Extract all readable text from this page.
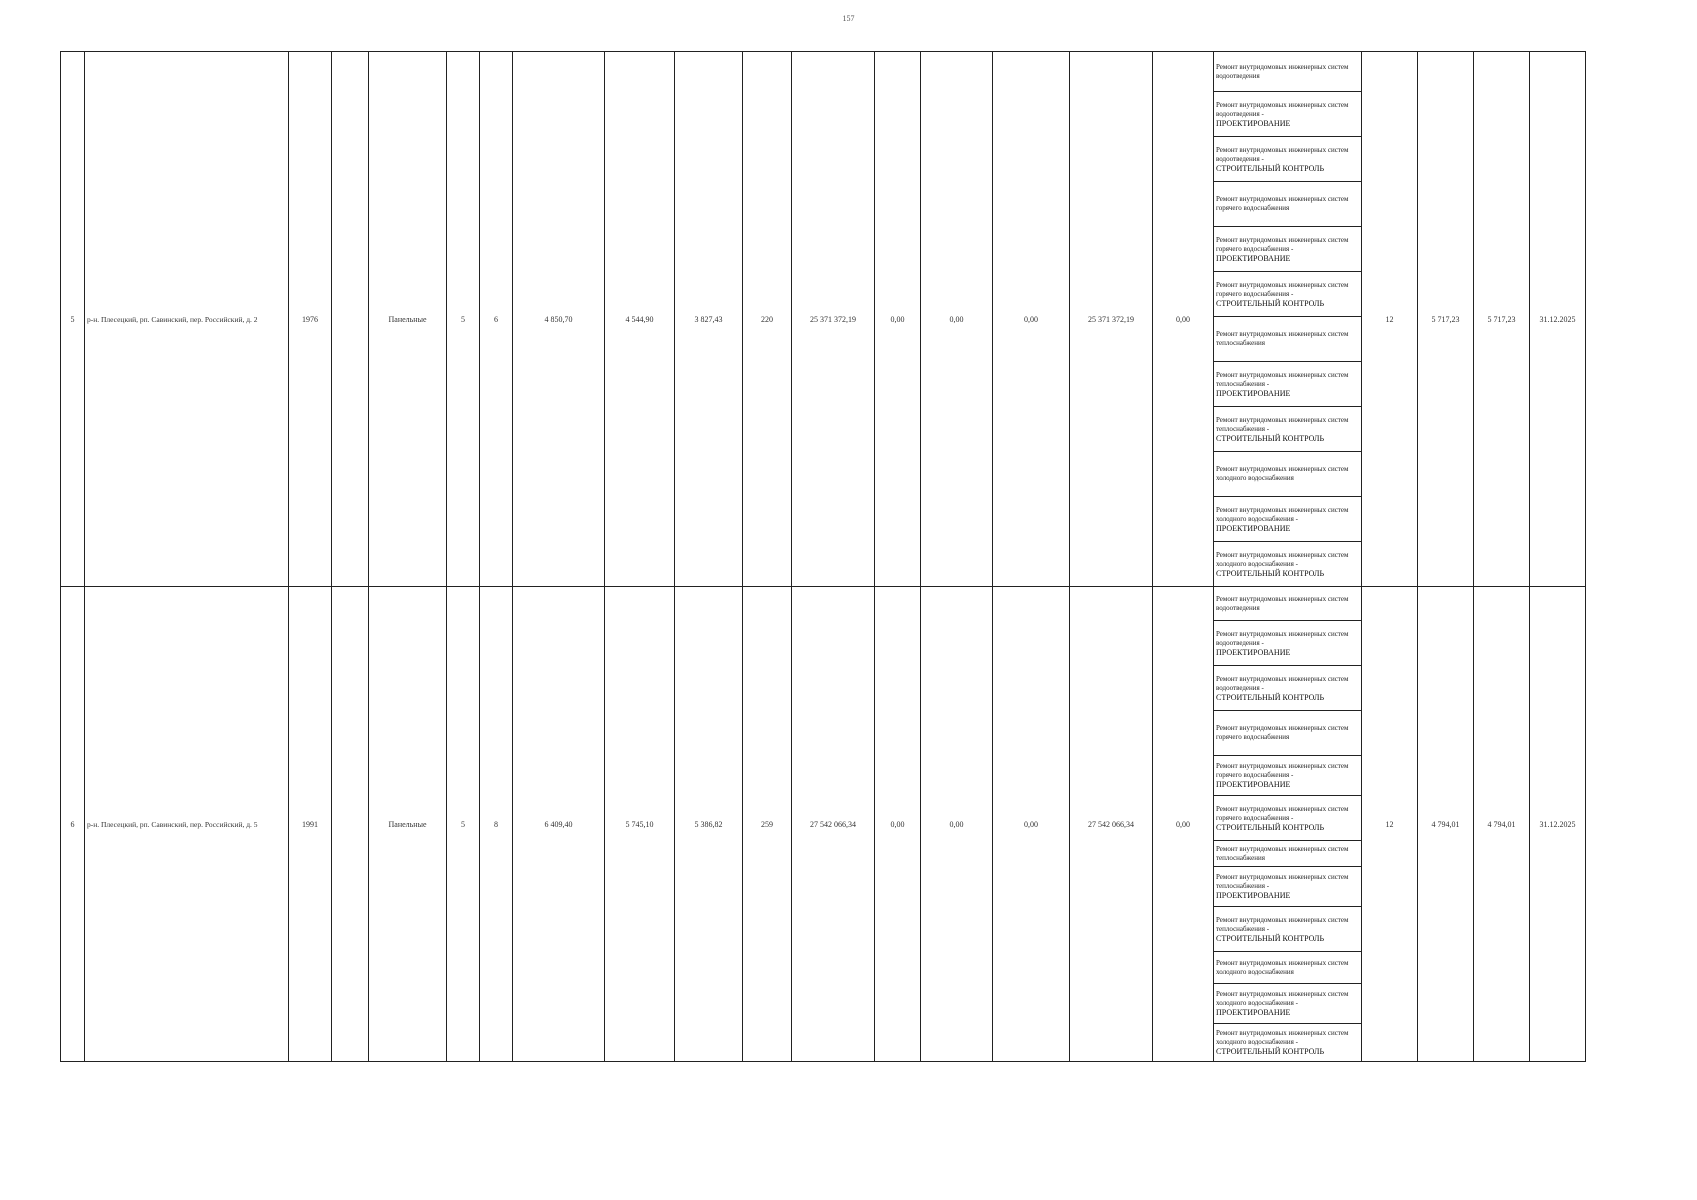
157
5	р-н. Плесецкий, рп. Савинский, пер. Российский, д. 2	1976		Панельные	5	6	4 850,70	4 544,90	3 827,43	220	25 371 372,19	0,00	0,00	0,00	25 371 372,19	0,00	Ремонт внутридомовых инженерных систем водоотведения	12	5 717,23	5 717,23	31.12.2025

																	Ремонт внутридомовых инженерных систем водоотведения -
ПРОЕКТИРОВАНИЕ				

																	Ремонт внутридомовых инженерных систем водоотведения -
СТРОИТЕЛЬНЫЙ КОНТРОЛЬ				

																	Ремонт внутридомовых инженерных систем горячего водоснабжения				

																	Ремонт внутридомовых инженерных систем горячего водоснабжения -
ПРОЕКТИРОВАНИЕ				

																	Ремонт внутридомовых инженерных систем горячего водоснабжения -
СТРОИТЕЛЬНЫЙ КОНТРОЛЬ				

																	Ремонт внутридомовых инженерных систем теплоснабжения				

																	Ремонт внутридомовых инженерных систем теплоснабжения -
ПРОЕКТИРОВАНИЕ				

																	Ремонт внутридомовых инженерных систем теплоснабжения -
СТРОИТЕЛЬНЫЙ КОНТРОЛЬ				

																	Ремонт внутридомовых инженерных систем холодного водоснабжения				

																	Ремонт внутридомовых инженерных систем холодного водоснабжения -
ПРОЕКТИРОВАНИЕ				

																	Ремонт внутридомовых инженерных систем холодного водоснабжения -
СТРОИТЕЛЬНЫЙ КОНТРОЛЬ				

6	р-н. Плесецкий, рп. Савинский, пер. Российский, д. 5	1991		Панельные	5	8	6 409,40	5 745,10	5 386,82	259	27 542 066,34	0,00	0,00	0,00	27 542 066,34	0,00	Ремонт внутридомовых инженерных систем водоотведения	12	4 794,01	4 794,01	31.12.2025

																	Ремонт внутридомовых инженерных систем водоотведения -
ПРОЕКТИРОВАНИЕ				

																	Ремонт внутридомовых инженерных систем водоотведения -
СТРОИТЕЛЬНЫЙ КОНТРОЛЬ				

																	Ремонт внутридомовых инженерных систем горячего водоснабжения				

																	Ремонт внутридомовых инженерных систем горячего водоснабжения -
ПРОЕКТИРОВАНИЕ				

																	Ремонт внутридомовых инженерных систем горячего водоснабжения -
СТРОИТЕЛЬНЫЙ КОНТРОЛЬ				

																	Ремонт внутридомовых инженерных систем теплоснабжения				

																	Ремонт внутридомовых инженерных систем теплоснабжения -
ПРОЕКТИРОВАНИЕ				

																	Ремонт внутридомовых инженерных систем теплоснабжения -
СТРОИТЕЛЬНЫЙ КОНТРОЛЬ				

																	Ремонт внутридомовых инженерных систем холодного водоснабжения				

																	Ремонт внутридомовых инженерных систем холодного водоснабжения -
ПРОЕКТИРОВАНИЕ				

																	Ремонт внутридомовых инженерных систем холодного водоснабжения -
СТРОИТЕЛЬНЫЙ КОНТРОЛЬ				
